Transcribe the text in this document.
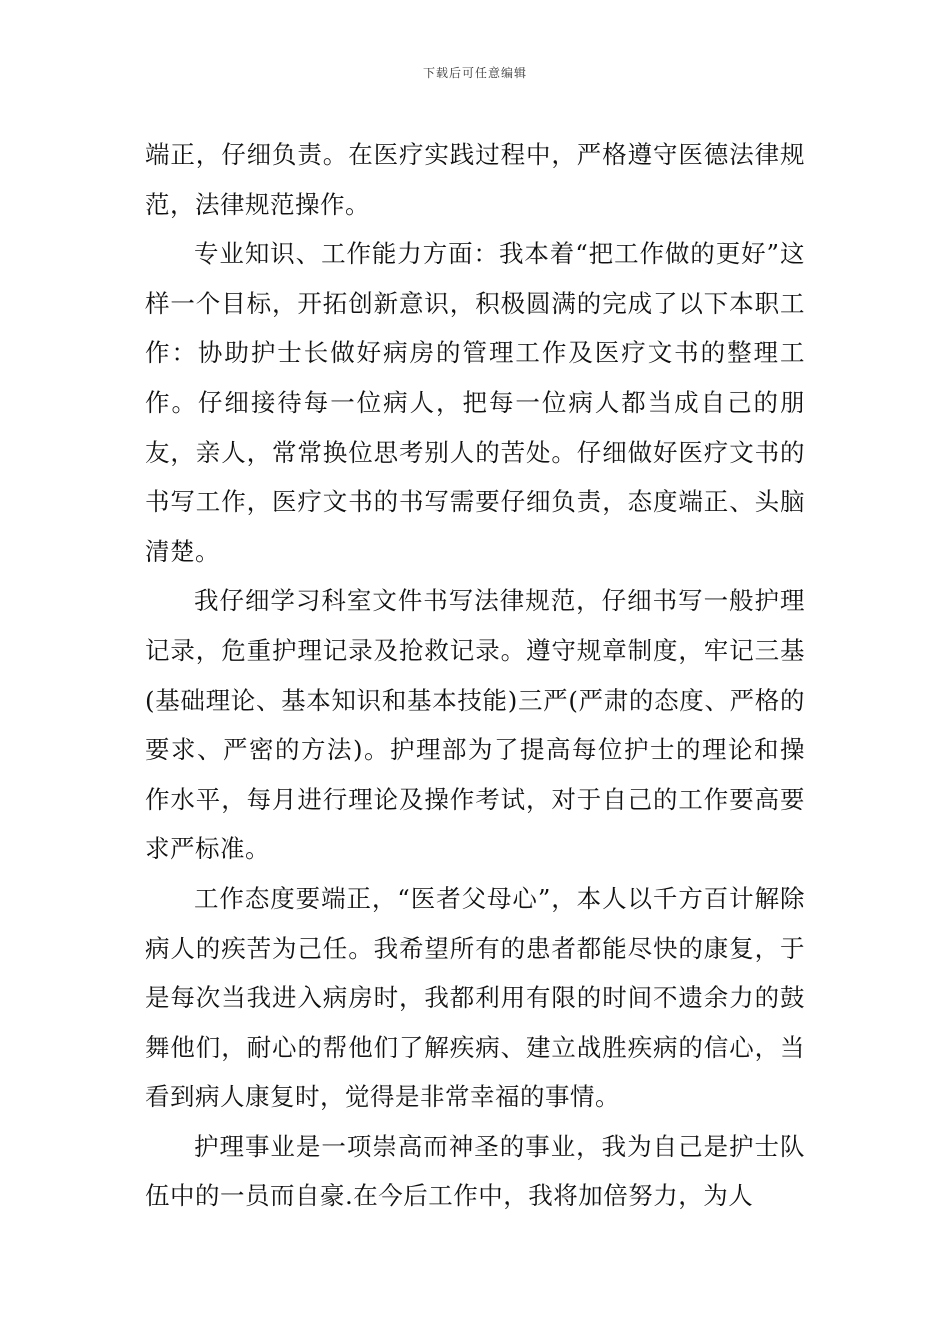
下载后可任意编辑

端正，仔细负责。在医疗实践过程中，严格遵守医德法律规范，法律规范操作。

专业知识、工作能力方面：我本着“把工作做的更好”这样一个目标，开拓创新意识，积极圆满的完成了以下本职工作：协助护士长做好病房的管理工作及医疗文书的整理工作。仔细接待每一位病人，把每一位病人都当成自己的朋友，亲人，常常换位思考别人的苦处。仔细做好医疗文书的书写工作，医疗文书的书写需要仔细负责，态度端正、头脑清楚。

我仔细学习科室文件书写法律规范，仔细书写一般护理记录，危重护理记录及抢救记录。遵守规章制度，牢记三基(基础理论、基本知识和基本技能)三严(严肃的态度、严格的要求、严密的方法)。护理部为了提高每位护士的理论和操作水平，每月进行理论及操作考试，对于自己的工作要高要求严标准。

工作态度要端正，“医者父母心”，本人以千方百计解除病人的疾苦为己任。我希望所有的患者都能尽快的康复，于是每次当我进入病房时，我都利用有限的时间不遗余力的鼓舞他们，耐心的帮他们了解疾病、建立战胜疾病的信心，当看到病人康复时，觉得是非常幸福的事情。

护理事业是一项崇高而神圣的事业，我为自己是护士队伍中的一员而自豪.在今后工作中，我将加倍努力，为人
